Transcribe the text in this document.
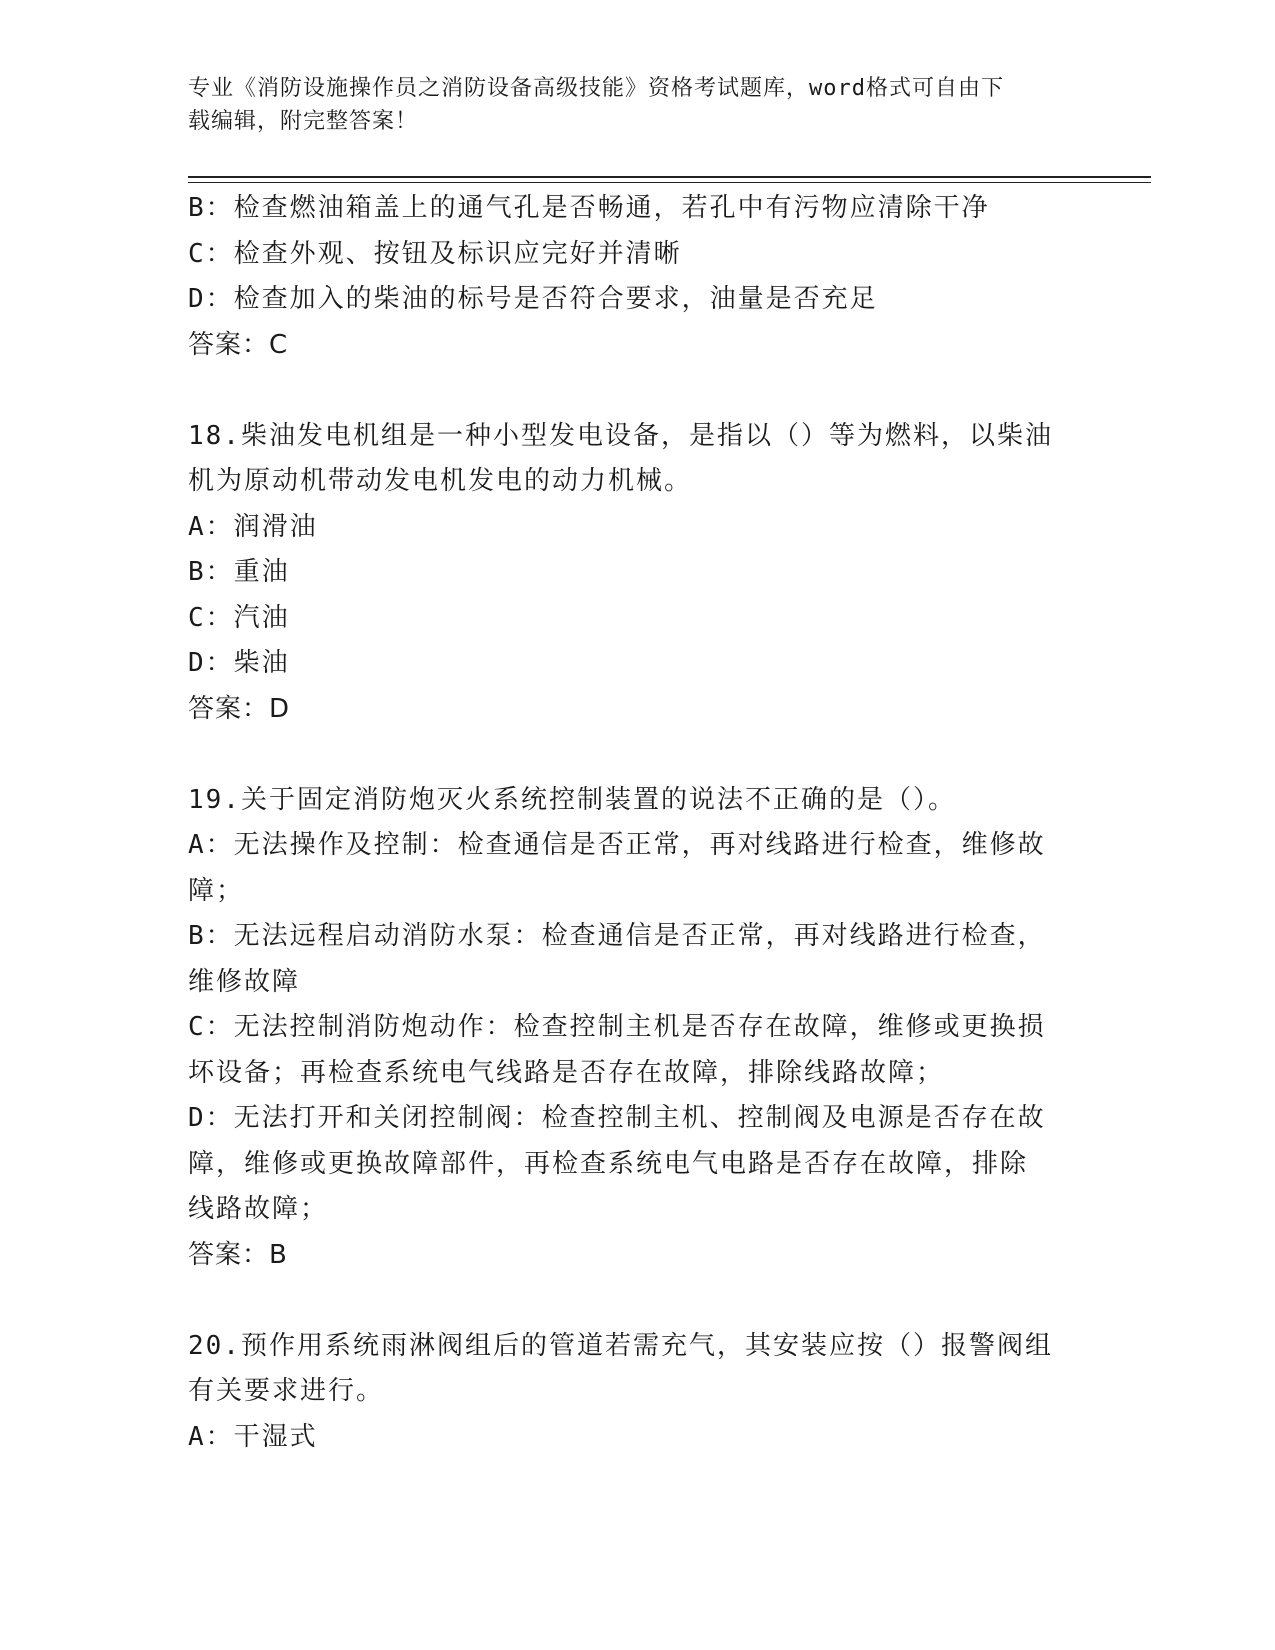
专业《消防设施操作员之消防设备高级技能》资格考试题库，word格式可自由下
载编辑，附完整答案！
B：检查燃油箱盖上的通气孔是否畅通，若孔中有污物应清除干净
C：检查外观、按钮及标识应完好并清晰
D：检查加入的柴油的标号是否符合要求，油量是否充足
答案：C
18.柴油发电机组是一种小型发电设备，是指以（）等为燃料，以柴油
机为原动机带动发电机发电的动力机械。
A：润滑油
B：重油
C：汽油
D：柴油
答案：D
19.关于固定消防炮灭火系统控制装置的说法不正确的是（）。
A：无法操作及控制：检查通信是否正常，再对线路进行检查，维修故
障；
B：无法远程启动消防水泵：检查通信是否正常，再对线路进行检查，
维修故障
C：无法控制消防炮动作：检查控制主机是否存在故障，维修或更换损
坏设备；再检查系统电气线路是否存在故障，排除线路故障；
D：无法打开和关闭控制阀：检查控制主机、控制阀及电源是否存在故
障，维修或更换故障部件，再检查系统电气电路是否存在故障，排除
线路故障；
答案：B
20.预作用系统雨淋阀组后的管道若需充气，其安装应按（）报警阀组
有关要求进行。
A：干湿式
